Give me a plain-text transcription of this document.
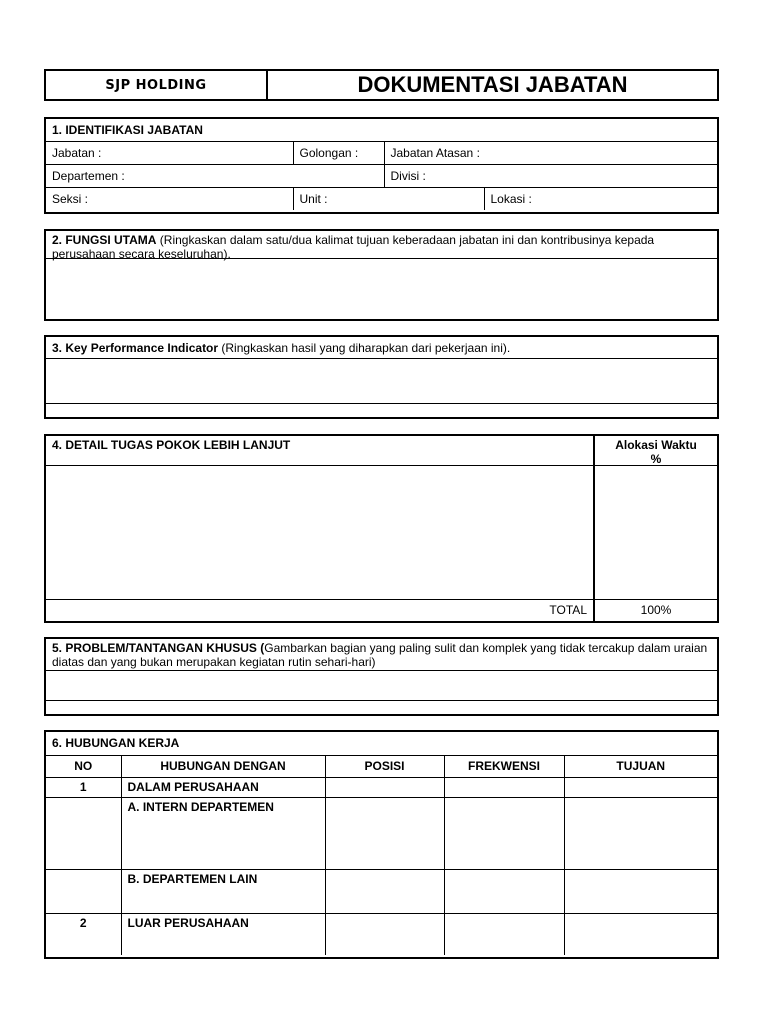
SJP HOLDING	DOKUMENTASI JABATAN
1. IDENTIFIKASI JABATAN			
Jabatan :	Golongan :	Jabatan Atasan :	
Departemen :		Divisi :	
Seksi :	Unit :		Lokasi :
2. FUNGSI UTAMA (Ringkaskan dalam satu/dua kalimat tujuan keberadaan jabatan ini dan kontribusinya kepada perusahaan secara keseluruhan).
3. Key Performance Indicator (Ringkaskan hasil yang diharapkan dari pekerjaan ini).
4. DETAIL TUGAS POKOK LEBIH LANJUT	Alokasi Waktu
%
TOTAL	100%
5. PROBLEM/TANTANGAN KHUSUS (Gambarkan bagian yang paling sulit dan komplek yang tidak tercakup dalam uraian diatas dan yang bukan merupakan kegiatan rutin sehari-hari)
6. HUBUNGAN KERJA				
NO	HUBUNGAN DENGAN	POSISI	FREKWENSI	TUJUAN
1	DALAM PERUSAHAAN			
	A. INTERN DEPARTEMEN			
	B. DEPARTEMEN LAIN			
2	LUAR PERUSAHAAN			
